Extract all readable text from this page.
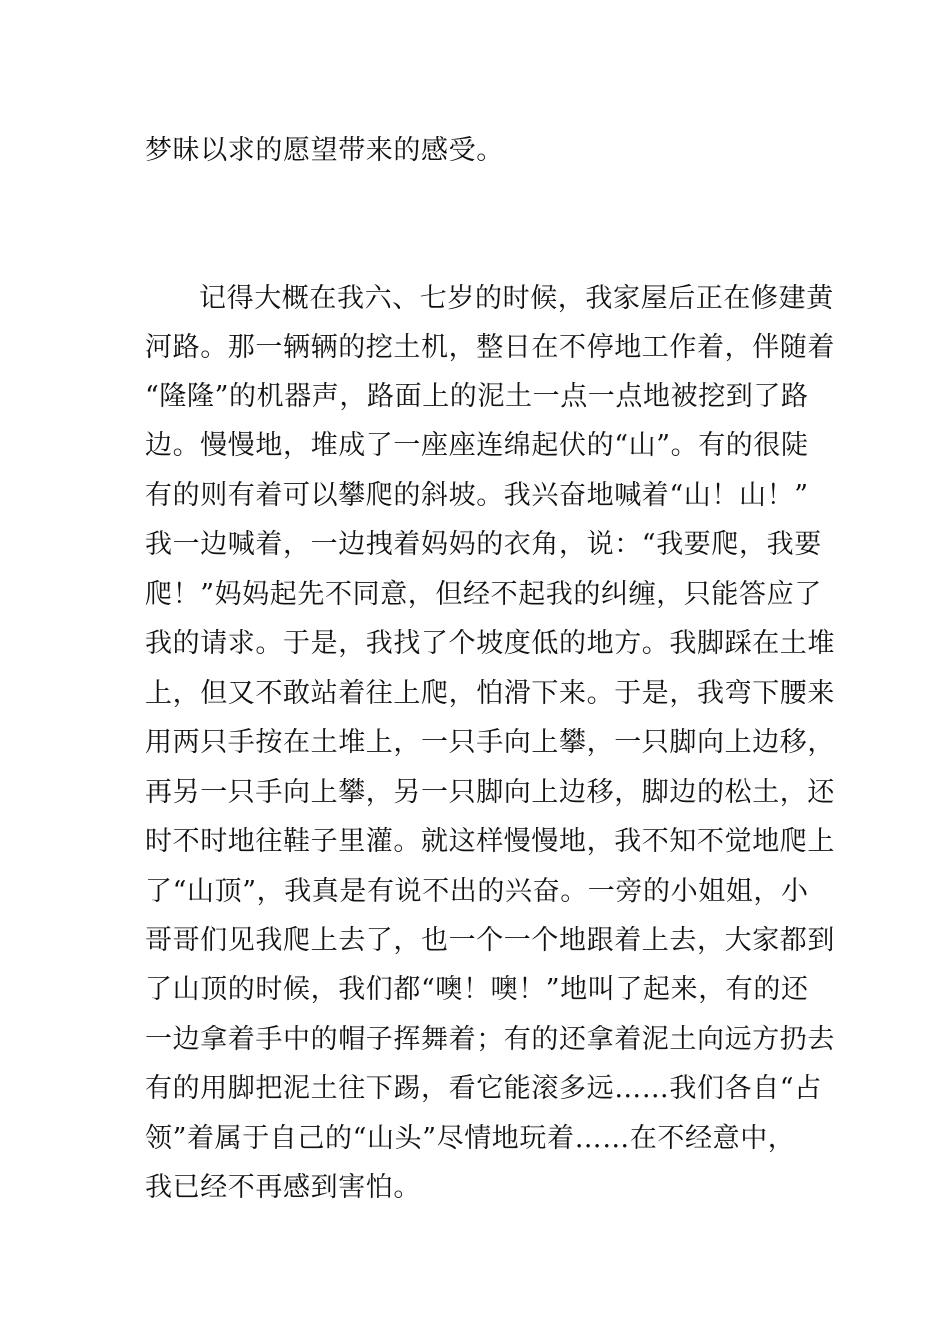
梦昧以求的愿望带来的感受。
记得大概在我六、七岁的时候，我家屋后正在修建黄
河路。那一辆辆的挖土机，整日在不停地工作着，伴随着
“隆隆”的机器声，路面上的泥土一点一点地被挖到了路
边。慢慢地，堆成了一座座连绵起伏的“山”。有的很陡
有的则有着可以攀爬的斜坡。我兴奋地喊着“山！山！”
我一边喊着，一边拽着妈妈的衣角，说：“我要爬，我要
爬！”妈妈起先不同意，但经不起我的纠缠，只能答应了
我的请求。于是，我找了个坡度低的地方。我脚踩在土堆
上，但又不敢站着往上爬，怕滑下来。于是，我弯下腰来
用两只手按在土堆上，一只手向上攀，一只脚向上边移，
再另一只手向上攀，另一只脚向上边移，脚边的松土，还
时不时地往鞋子里灌。就这样慢慢地，我不知不觉地爬上
了“山顶”，我真是有说不出的兴奋。一旁的小姐姐，小
哥哥们见我爬上去了，也一个一个地跟着上去，大家都到
了山顶的时候，我们都“噢！噢！”地叫了起来，有的还
一边拿着手中的帽子挥舞着；有的还拿着泥土向远方扔去
有的用脚把泥土往下踢，看它能滚多远……我们各自“占
领”着属于自己的“山头”尽情地玩着……在不经意中，
我已经不再感到害怕。
